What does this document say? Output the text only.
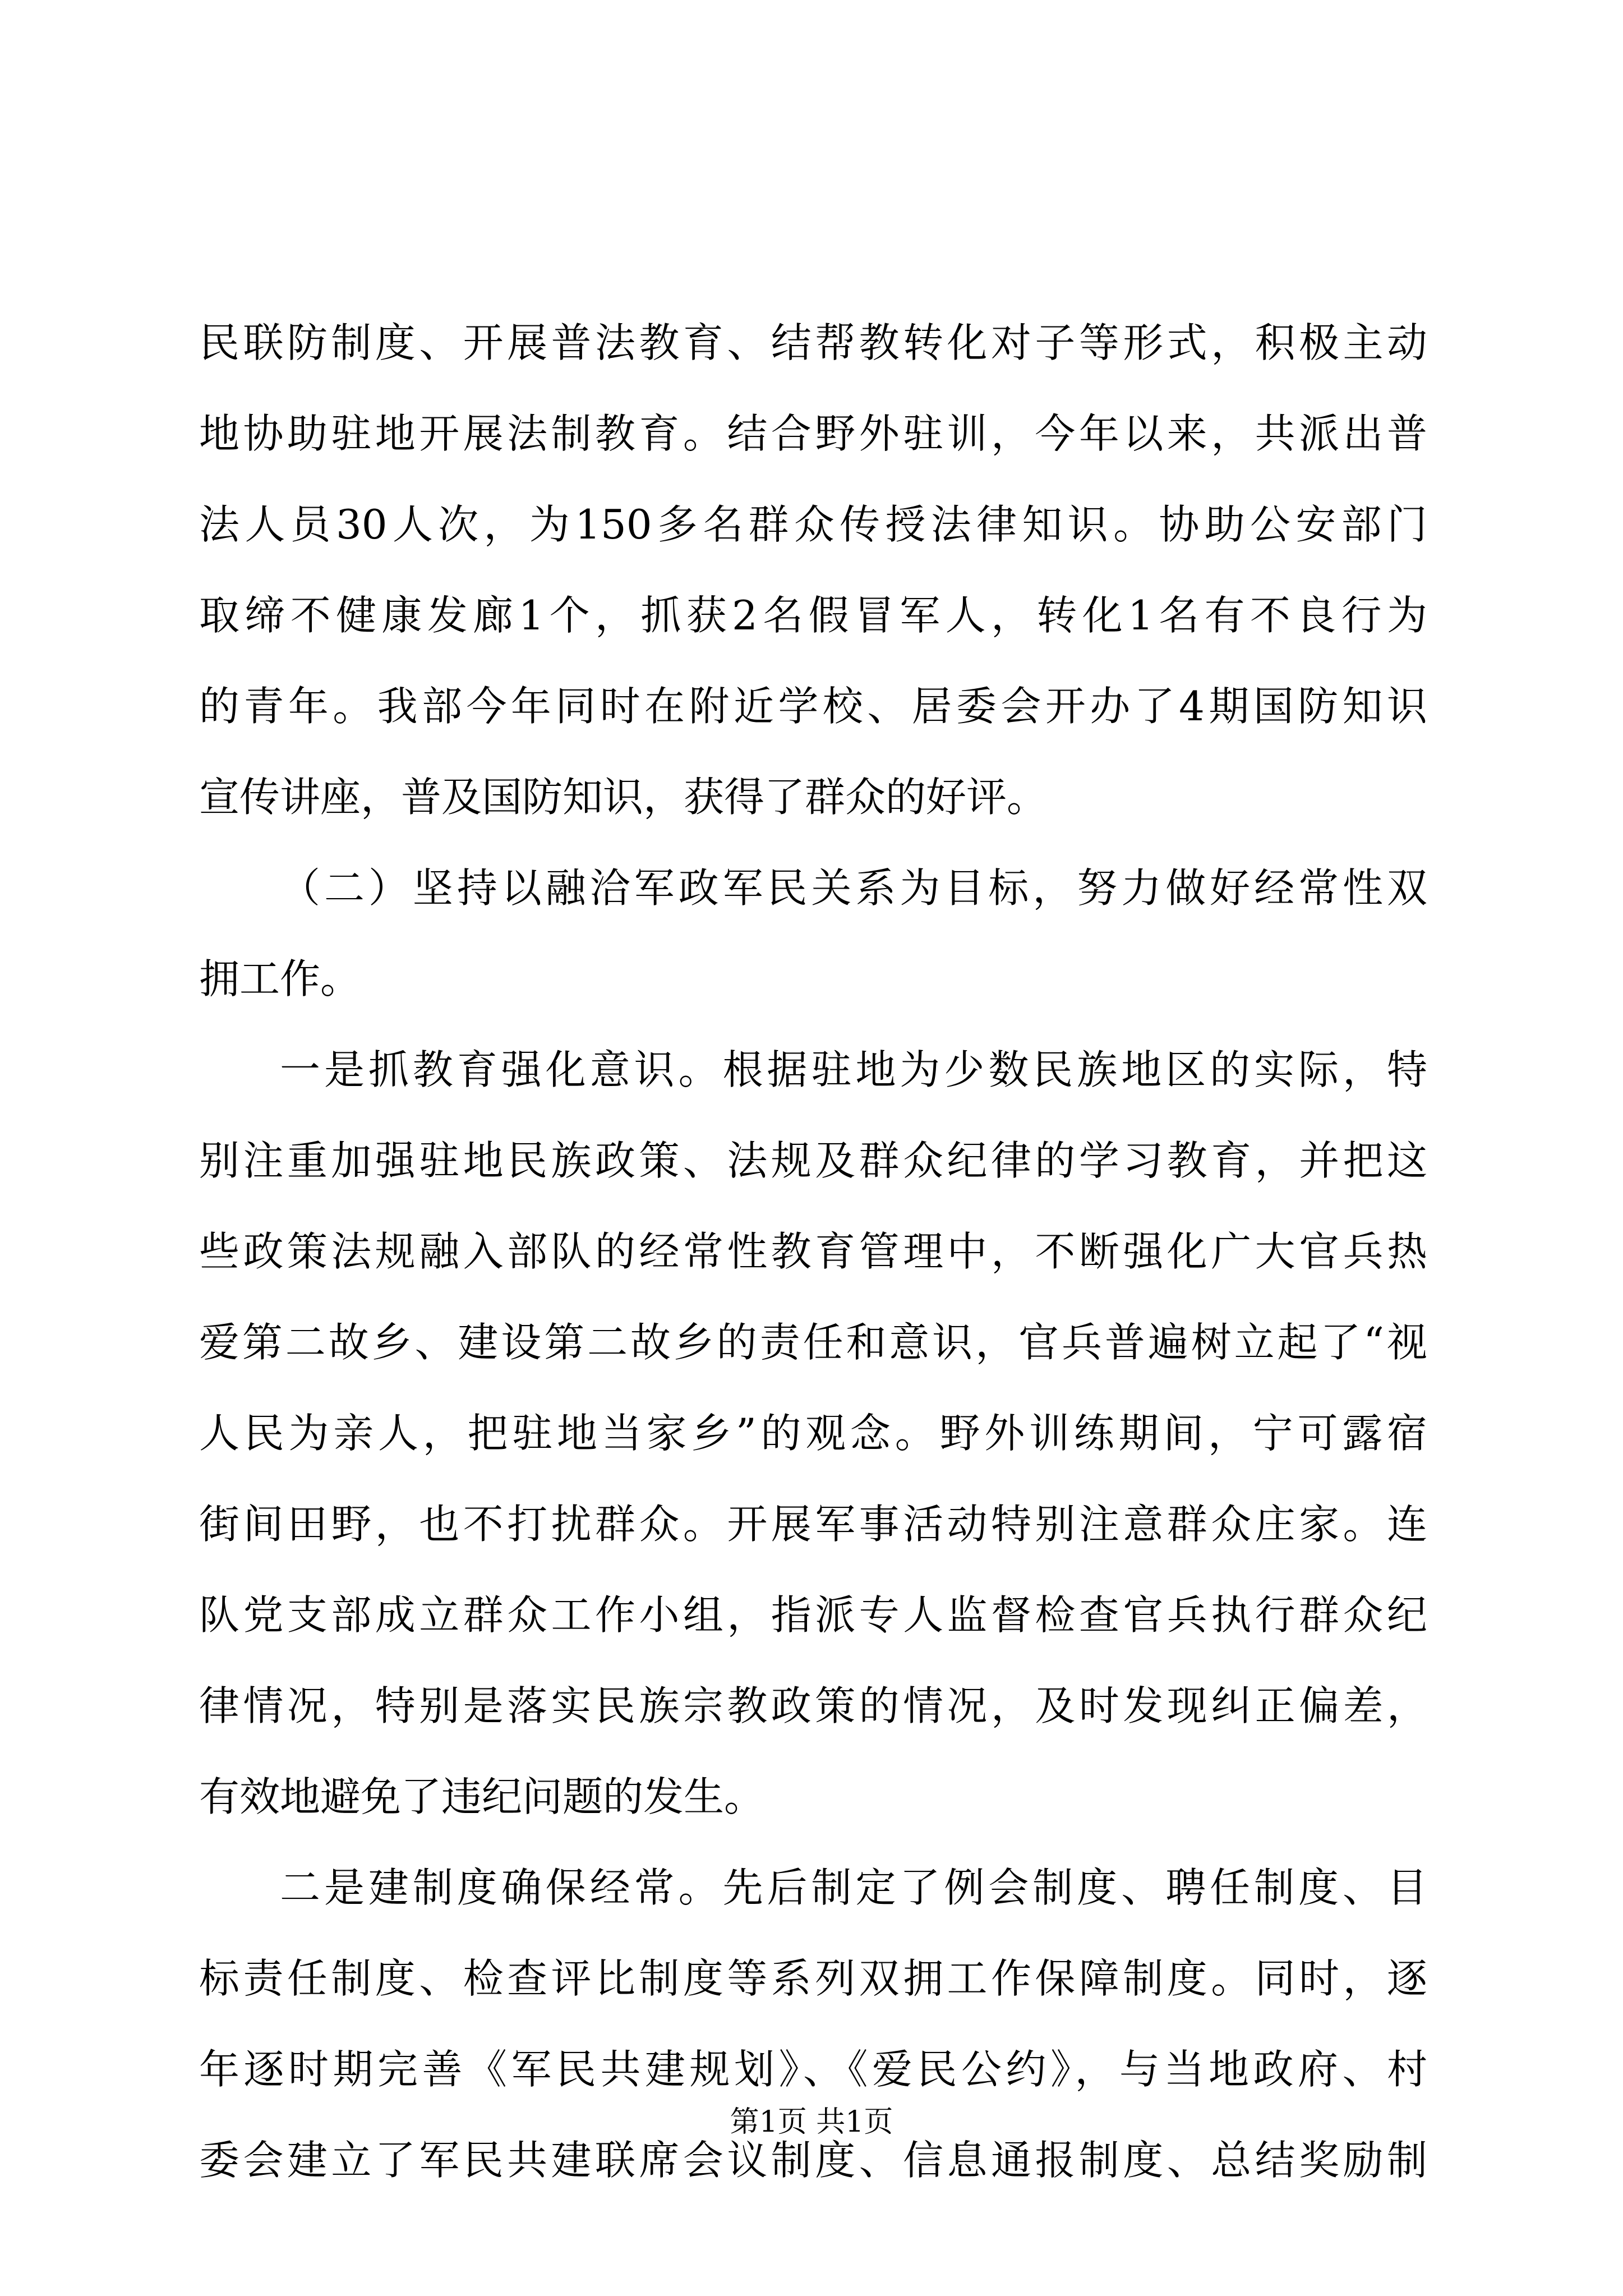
民联防制度、开展普法教育、结帮教转化对子等形式，积极主动
地协助驻地开展法制教育。结合野外驻训，今年以来，共派出普
法人员30人次，为150多名群众传授法律知识。协助公安部门
取缔不健康发廊1个，抓获2名假冒军人，转化1名有不良行为
的青年。我部今年同时在附近学校、居委会开办了4期国防知识
宣传讲座，普及国防知识，获得了群众的好评。
（二）坚持以融洽军政军民关系为目标，努力做好经常性双
拥工作。
一是抓教育强化意识。根据驻地为少数民族地区的实际，特
别注重加强驻地民族政策、法规及群众纪律的学习教育，并把这
些政策法规融入部队的经常性教育管理中，不断强化广大官兵热
爱第二故乡、建设第二故乡的责任和意识，官兵普遍树立起了“视
人民为亲人，把驻地当家乡”的观念。野外训练期间，宁可露宿
街间田野，也不打扰群众。开展军事活动特别注意群众庄家。连
队党支部成立群众工作小组，指派专人监督检查官兵执行群众纪
律情况，特别是落实民族宗教政策的情况，及时发现纠正偏差，
有效地避免了违纪问题的发生。
二是建制度确保经常。先后制定了例会制度、聘任制度、目
标责任制度、检查评比制度等系列双拥工作保障制度。同时，逐
年逐时期完善《军民共建规划》、《爱民公约》，与当地政府、村
委会建立了军民共建联席会议制度、信息通报制度、总结奖励制
第1页 共1页
